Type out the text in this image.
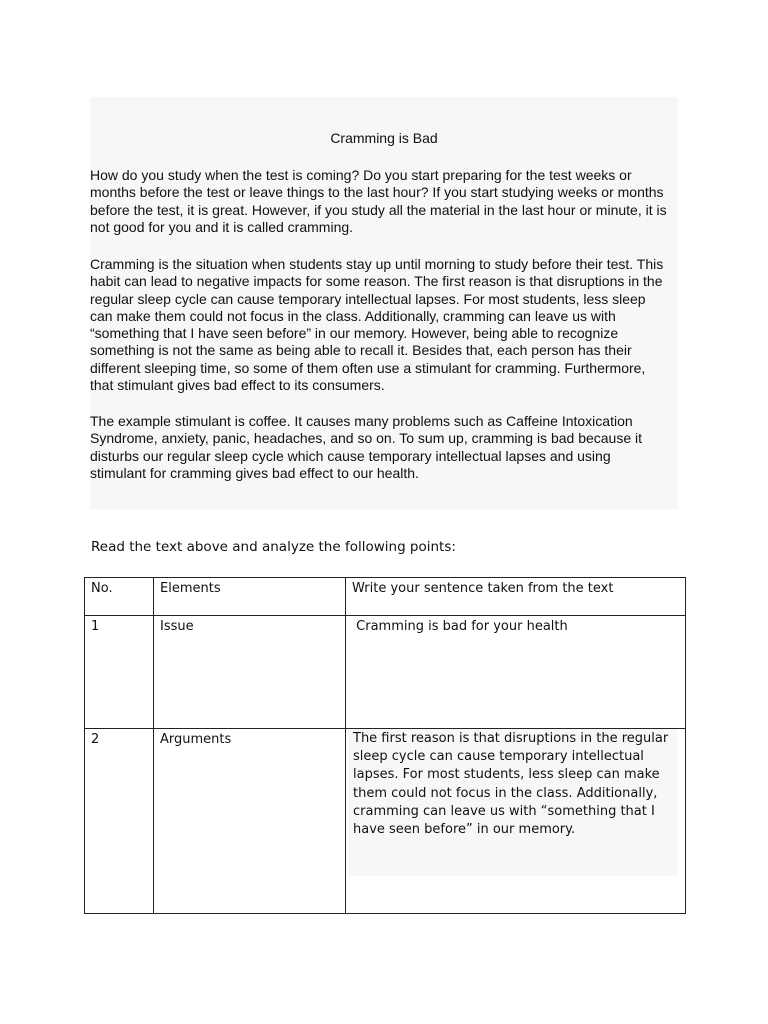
Cramming is Bad

How do you study when the test is coming? Do you start preparing for the test weeks or months before the test or leave things to the last hour? If you start studying weeks or months before the test, it is great. However, if you study all the material in the last hour or minute, it is not good for you and it is called cramming.

Cramming is the situation when students stay up until morning to study before their test. This habit can lead to negative impacts for some reason. The first reason is that disruptions in the regular sleep cycle can cause temporary intellectual lapses. For most students, less sleep can make them could not focus in the class. Additionally, cramming can leave us with “something that I have seen before” in our memory. However, being able to recognize something is not the same as being able to recall it. Besides that, each person has their different sleeping time, so some of them often use a stimulant for cramming. Furthermore, that stimulant gives bad effect to its consumers.

The example stimulant is coffee. It causes many problems such as Caffeine Intoxication Syndrome, anxiety, panic, headaches, and so on. To sum up, cramming is bad because it disturbs our regular sleep cycle which cause temporary intellectual lapses and using stimulant for cramming gives bad effect to our health.

Read the text above and analyze the following points:
No.	Elements	Write your sentence taken from the text

1	Issue	Cramming is bad for your health

2	Arguments	The first reason is that disruptions in the regular sleep cycle can cause temporary intellectual lapses. For most students, less sleep can make them could not focus in the class. Additionally, cramming can leave us with “something that I have seen before” in our memory.
